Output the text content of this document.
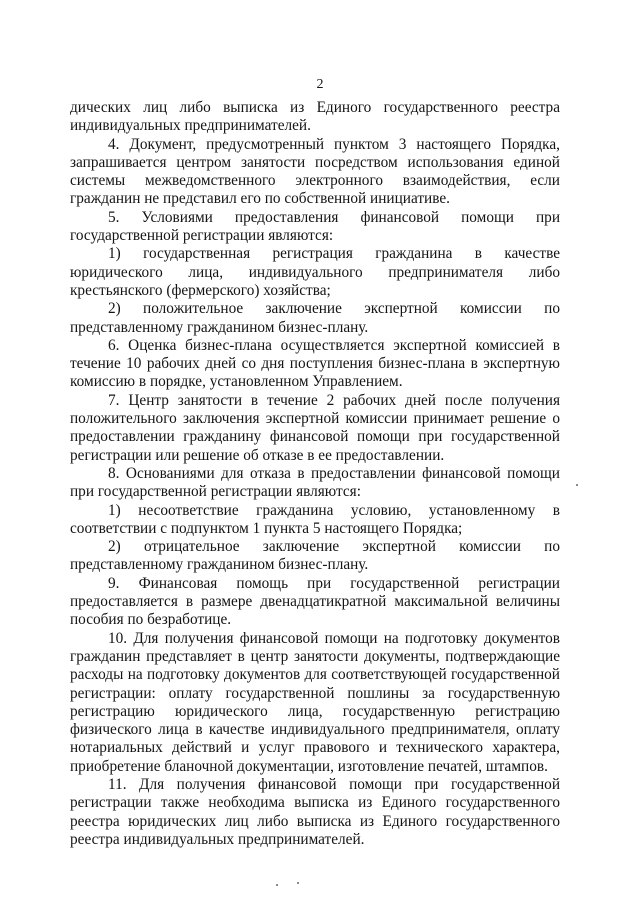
2

дических лиц либо выписка из Единого государственного реестра индивидуальных предпринимателей.

4. Документ, предусмотренный пунктом 3 настоящего Порядка, запрашивается центром занятости посредством использования единой системы межведомственного электронного взаимодействия, если гражданин не представил его по собственной инициативе.

5. Условиями предоставления финансовой помощи при государственной регистрации являются:

1) государственная регистрация гражданина в качестве юридического лица, индивидуального предпринимателя либо крестьянского (фермерского) хозяйства;

2) положительное заключение экспертной комиссии по представленному гражданином бизнес-плану.

6. Оценка бизнес-плана осуществляется экспертной комиссией в течение 10 рабочих дней со дня поступления бизнес-плана в экспертную комиссию в порядке, установленном Управлением.

7. Центр занятости в течение 2 рабочих дней после получения положительного заключения экспертной комиссии принимает решение о предоставлении гражданину финансовой помощи при государственной регистрации или решение об отказе в ее предоставлении.

8. Основаниями для отказа в предоставлении финансовой помощи при государственной регистрации являются:

1) несоответствие гражданина условию, установленному в соответствии с подпунктом 1 пункта 5 настоящего Порядка;

2) отрицательное заключение экспертной комиссии по представленному гражданином бизнес-плану.

9. Финансовая помощь при государственной регистрации предоставляется в размере двенадцатикратной максимальной величины пособия по безработице.

10. Для получения финансовой помощи на подготовку документов гражданин представляет в центр занятости документы, подтверждающие расходы на подготовку документов для соответствующей государственной регистрации: оплату государственной пошлины за государственную регистрацию юридического лица, государственную регистрацию физического лица в качестве индивидуального предпринимателя, оплату нотариальных действий и услуг правового и технического характера, приобретение бланочной документации, изготовление печатей, штампов.

11. Для получения финансовой помощи при государственной регистрации также необходима выписка из Единого государственного реестра юридических лиц либо выписка из Единого государственного реестра индивидуальных предпринимателей.
